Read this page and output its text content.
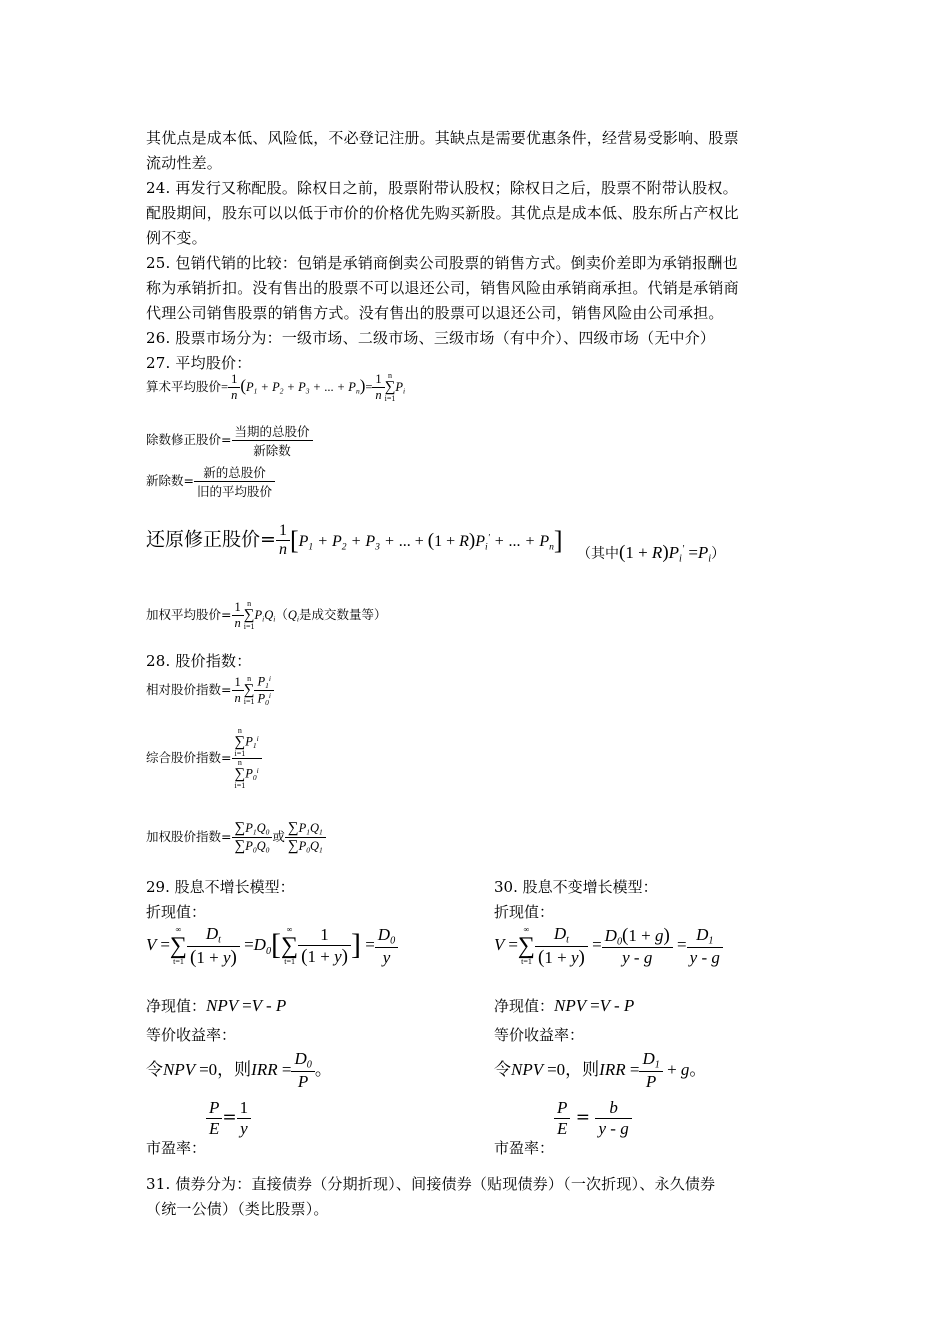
其优点是成本低、风险低，不必登记注册。其缺点是需要优惠条件，经营易受影响、股票
流动性差。
24. 再发行又称配股。除权日之前，股票附带认股权；除权日之后，股票不附带认股权。
配股期间，股东可以以低于市价的价格优先购买新股。其优点是成本低、股东所占产权比
例不变。
25. 包销代销的比较：包销是承销商倒卖公司股票的销售方式。倒卖价差即为承销报酬也
称为承销折扣。没有售出的股票不可以退还公司，销售风险由承销商承担。代销是承销商
代理公司销售股票的销售方式。没有售出的股票可以退还公司，销售风险由公司承担。
26. 股票市场分为：一级市场、二级市场、三级市场（有中介）、四级市场（无中介）
27. 平均股价：
算术平均股价= $\frac{1}{n} (P_1 + P_2 + P_3$ + ... + $P_n)= \frac{1}{n}$ n
∑
i=1
$P_i$
除数修正股价= $\frac{\text{当期的总股价}}{\text{新除数}}$
新除数= $\frac{\text{新的总股价}}{\text{旧的平均股价}}$
还原修正股价= $\frac{1}{n} [P_1 + P_2 + P_3$ + ... + $(1 + R)P_i'$ + ... + $P_n$] （其中$(1 + R)P_i' =P_i$）
加权平均股价= $\frac{1}{n}$ n
∑
i=1
$P_iQ_i(Q_i$是成交数量等）
28. 股价指数：
相对股价指数= $\frac{1}{n}$ n
∑
$i=1 \frac{P_1^i}{P_0^i}$
综合股价指数= n
∑
i=1
$P_1^i$
n
∑
i=1
$P_0^i$
加权股价指数= $\frac{\sum P_1Q_0}{\sum P_0Q_0}$ 或 $\frac{\sum P_1Q_1}{\sum P_0Q_1}$
29. 股息不增长模型：
折现值：
V =
∞
∑
$t=1 \frac{D_t}{(1 + y)} =D_0$[ ∞
∑
$t=1 \frac{1}{(1 + y)}$ ] = $\frac{D_0}{y}$
净现值：NPV =V - P
等价收益率：
令NPV =0，则IRR = $\frac{D_0}{P}$ 。
市盈率：
$\frac{P}{E} = \frac{1}{y}$
30. 股息不变增长模型：
折现值：
V =
∞
∑
$t=1 \frac{D_t}{(1 + y)} = \frac{D_0(1 + g)}{y - g} = \frac{D_1}{y - g}$
净现值：NPV =V - P
等价收益率：
令NPV =0，则IRR = $\frac{D_1}{P} + g$。
市盈率：
$\frac{P}{E} = \frac{b}{y - g}$
31. 债券分为：直接债券（分期折现）、间接债券（贴现债券）（一次折现）、永久债券
（统一公债）（类比股票）。
